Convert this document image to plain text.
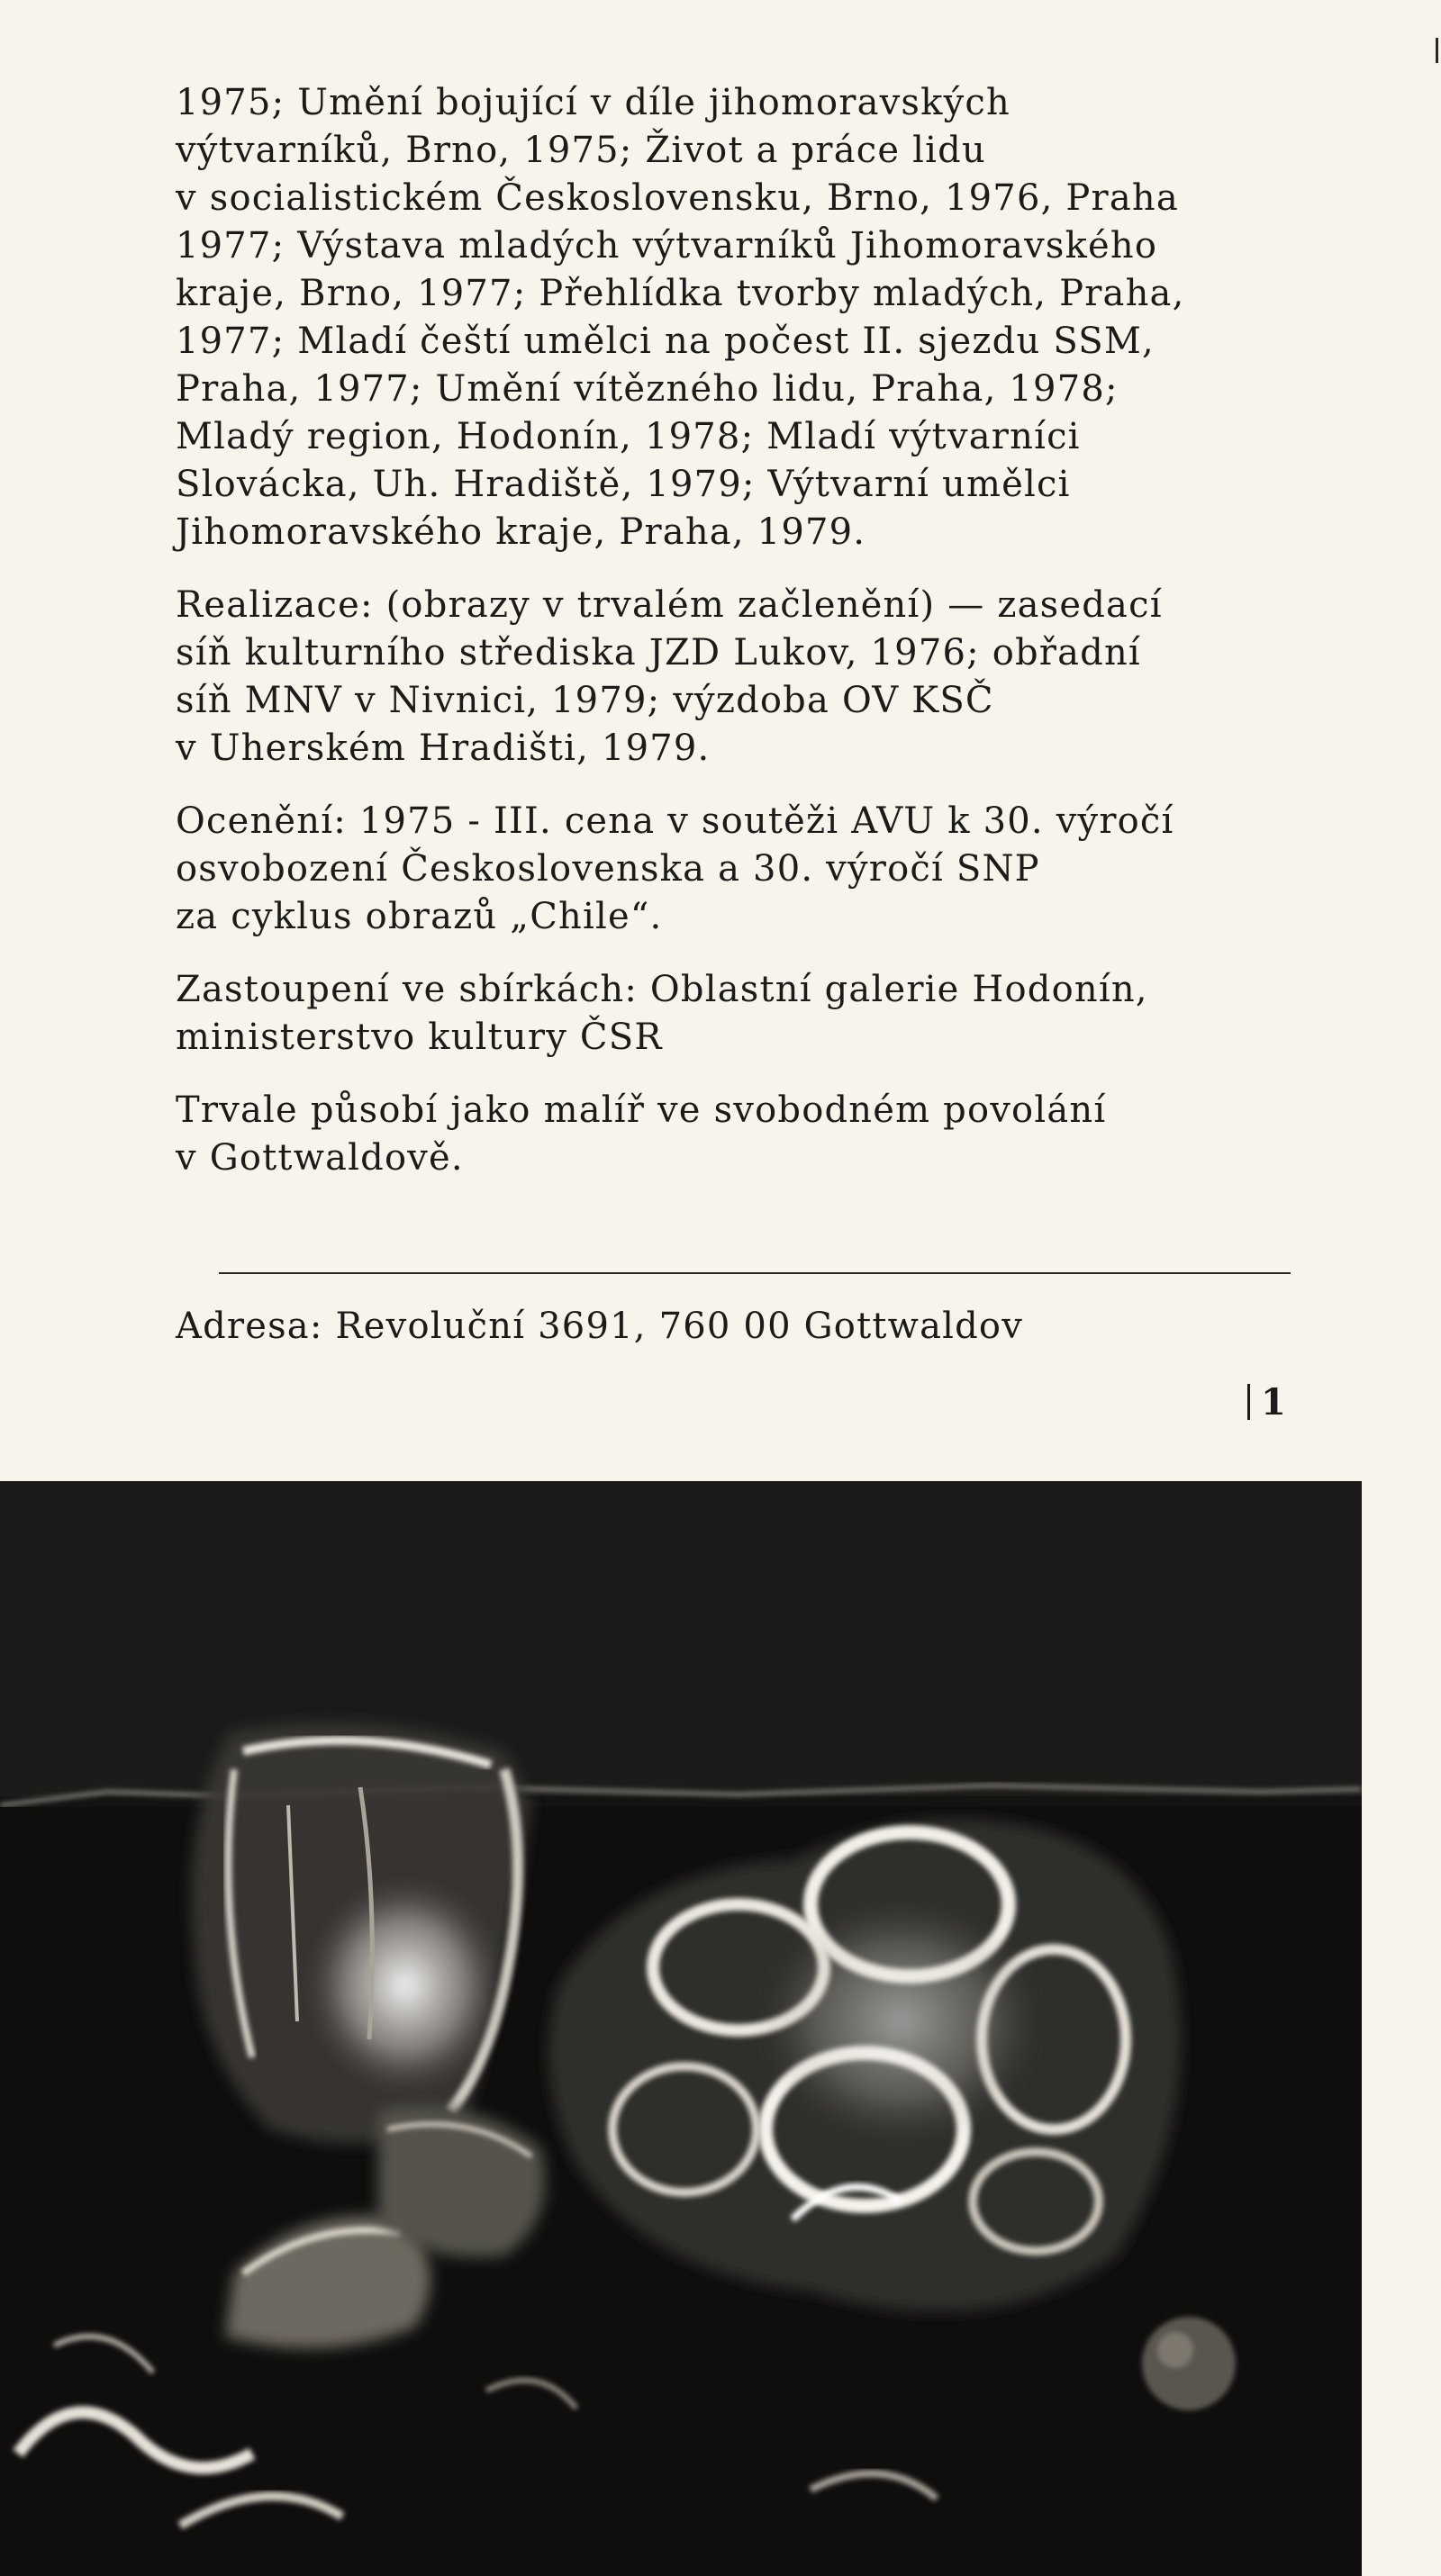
1975; Umění bojující v díle jihomoravských
výtvarníků, Brno, 1975; Život a práce lidu
v socialistickém Československu, Brno, 1976, Praha
1977; Výstava mladých výtvarníků Jihomoravského
kraje, Brno, 1977; Přehlídka tvorby mladých, Praha,
1977; Mladí čeští umělci na počest II. sjezdu SSM,
Praha, 1977; Umění vítězného lidu, Praha, 1978;
Mladý region, Hodonín, 1978; Mladí výtvarníci
Slovácka, Uh. Hradiště, 1979; Výtvarní umělci
Jihomoravského kraje, Praha, 1979.

Realizace: (obrazy v trvalém začlenění) — zasedací
síň kulturního střediska JZD Lukov, 1976; obřadní
síň MNV v Nivnici, 1979; výzdoba OV KSČ
v Uherském Hradišti, 1979.

Ocenění: 1975 - III. cena v soutěži AVU k 30. výročí
osvobození Československa a 30. výročí SNP
za cyklus obrazů „Chile“.

Zastoupení ve sbírkách: Oblastní galerie Hodonín,
ministerstvo kultury ČSR

Trvale působí jako malíř ve svobodném povolání
v Gottwaldově.

Adresa: Revoluční 3691, 760 00 Gottwaldov
1
